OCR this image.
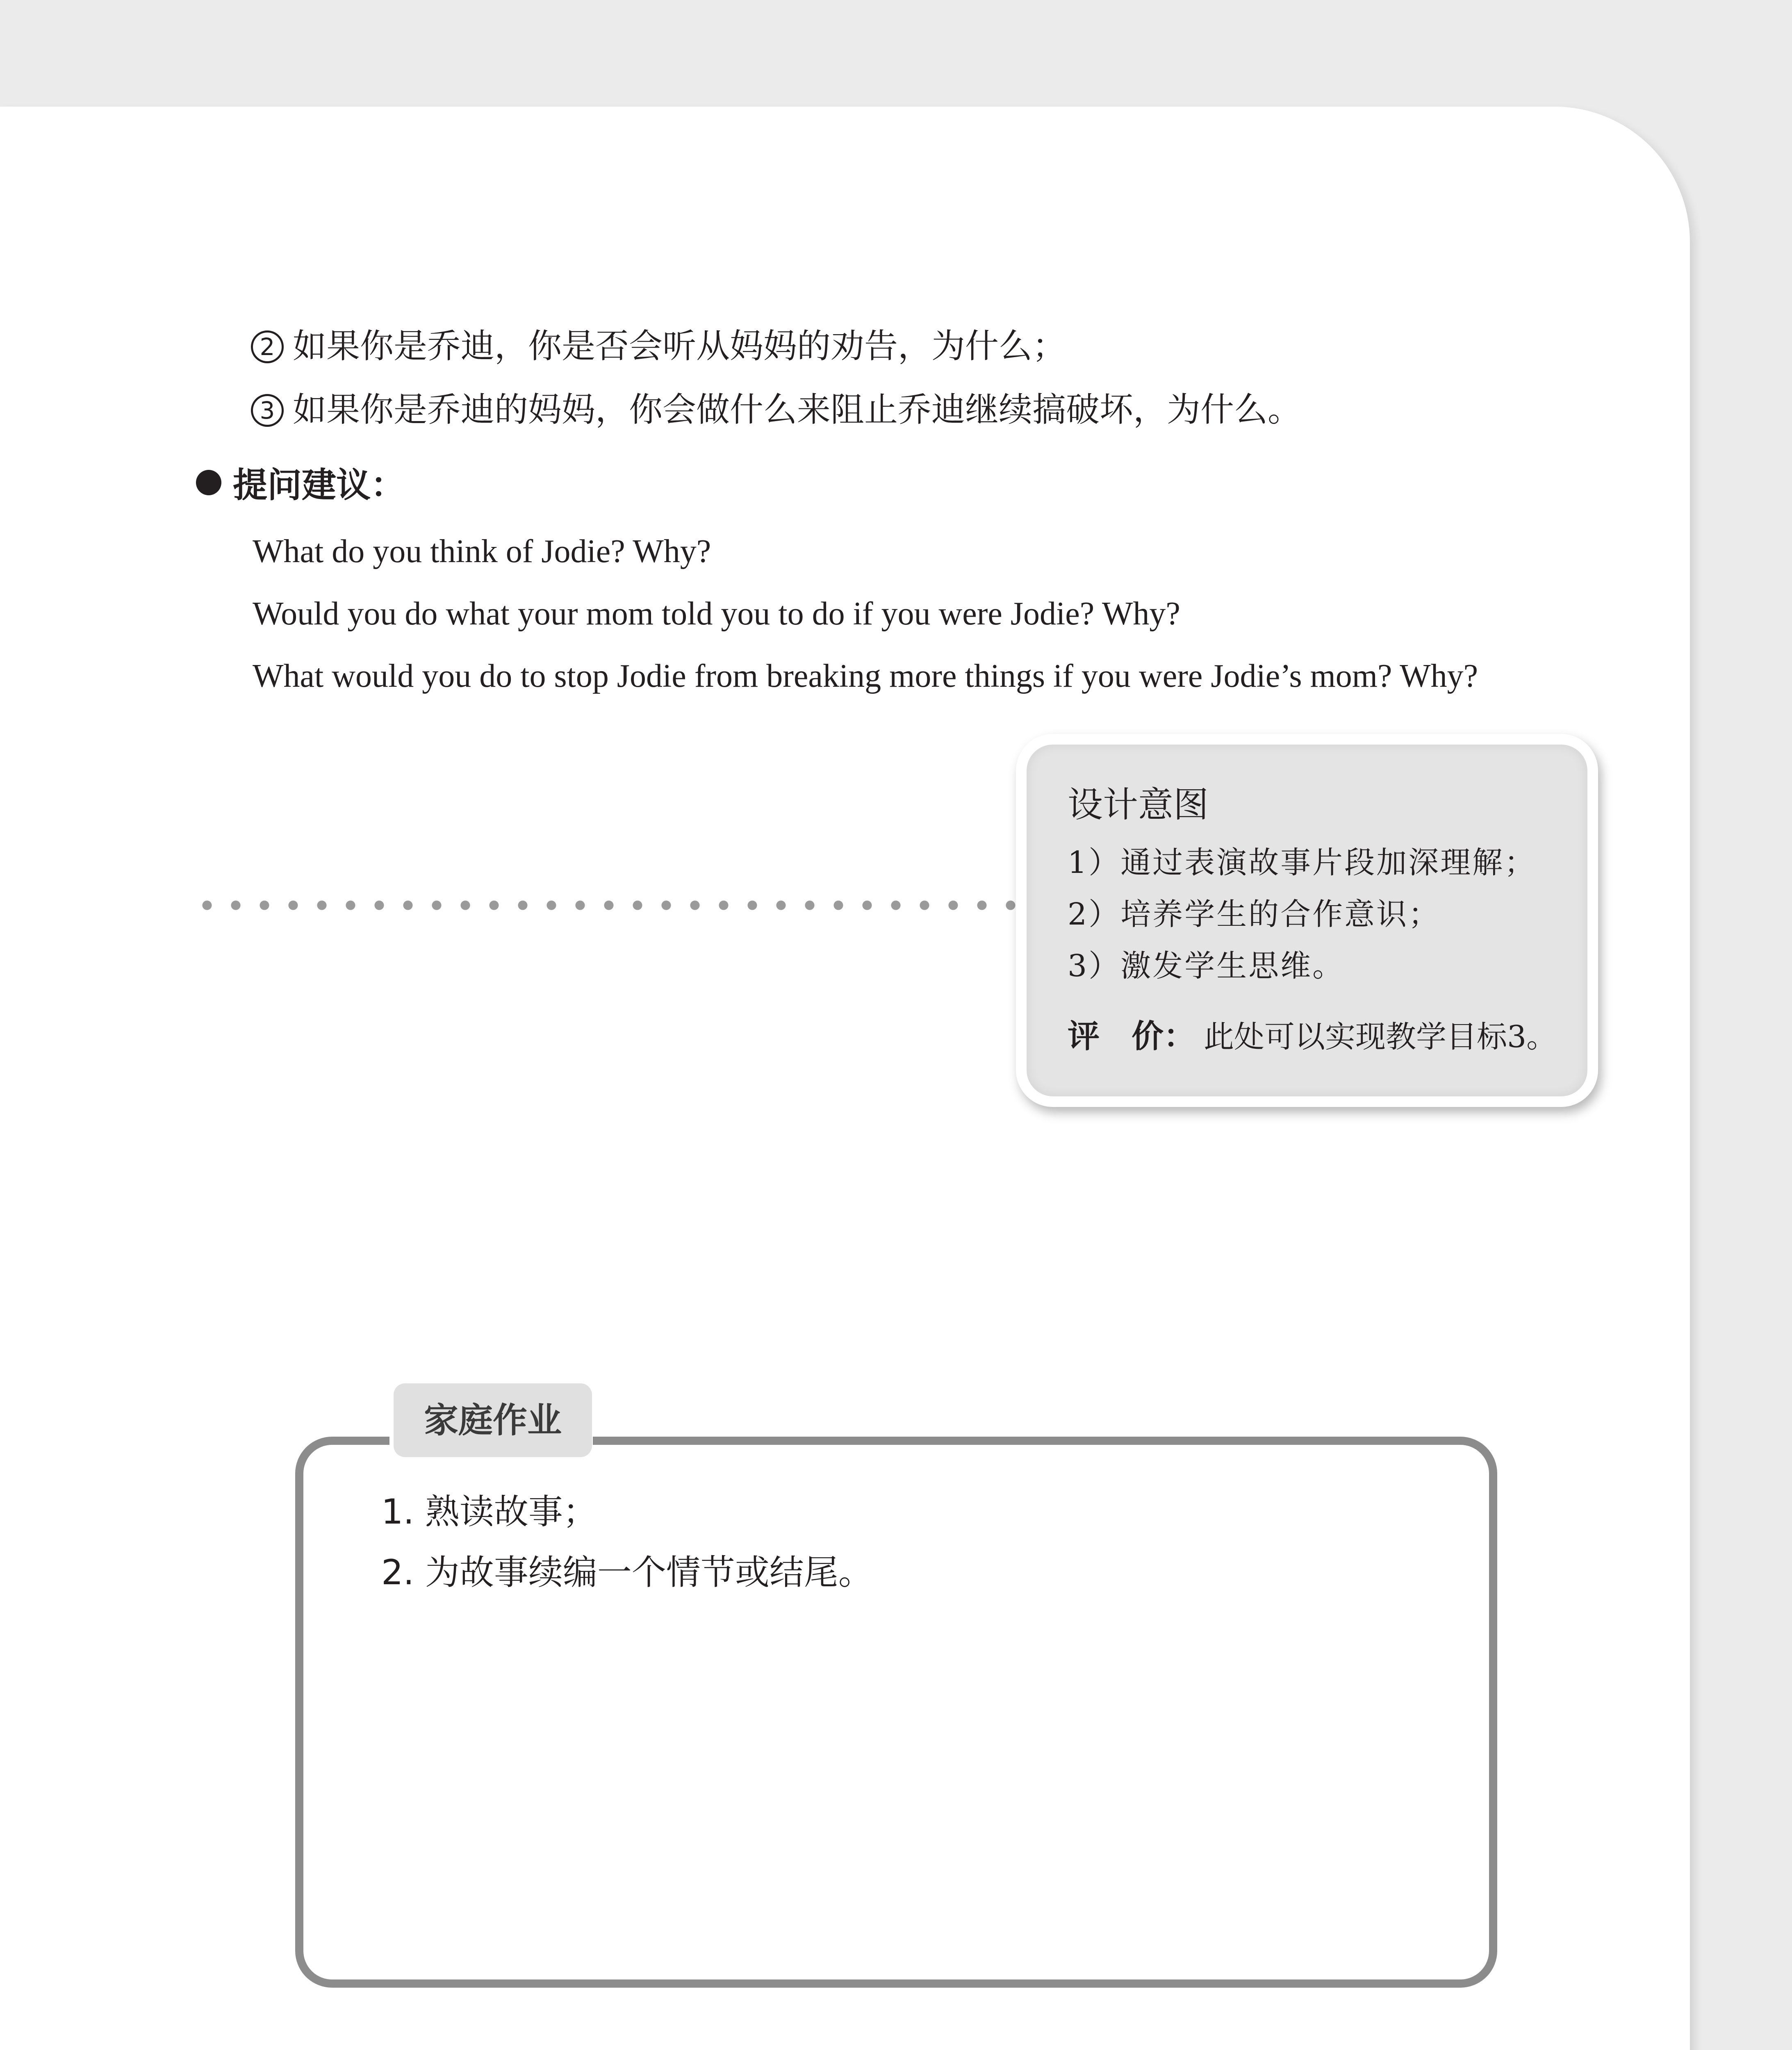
2 如果你是乔迪，你是否会听从妈妈的劝告，为什么；
3 如果你是乔迪的妈妈，你会做什么来阻止乔迪继续搞破坏，为什么。
提问建议：
What do you think of Jodie? Why?
Would you do what your mom told you to do if you were Jodie? Why?
What would you do to stop Jodie from breaking more things if you were Jodie’s mom? Why?
设计意图
1）通过表演故事片段加深理解；
2）培养学生的合作意识；
3）激发学生思维。
评　价： 此处可以实现教学目标3。
家庭作业
1. 熟读故事；
2. 为故事续编一个情节或结尾。
